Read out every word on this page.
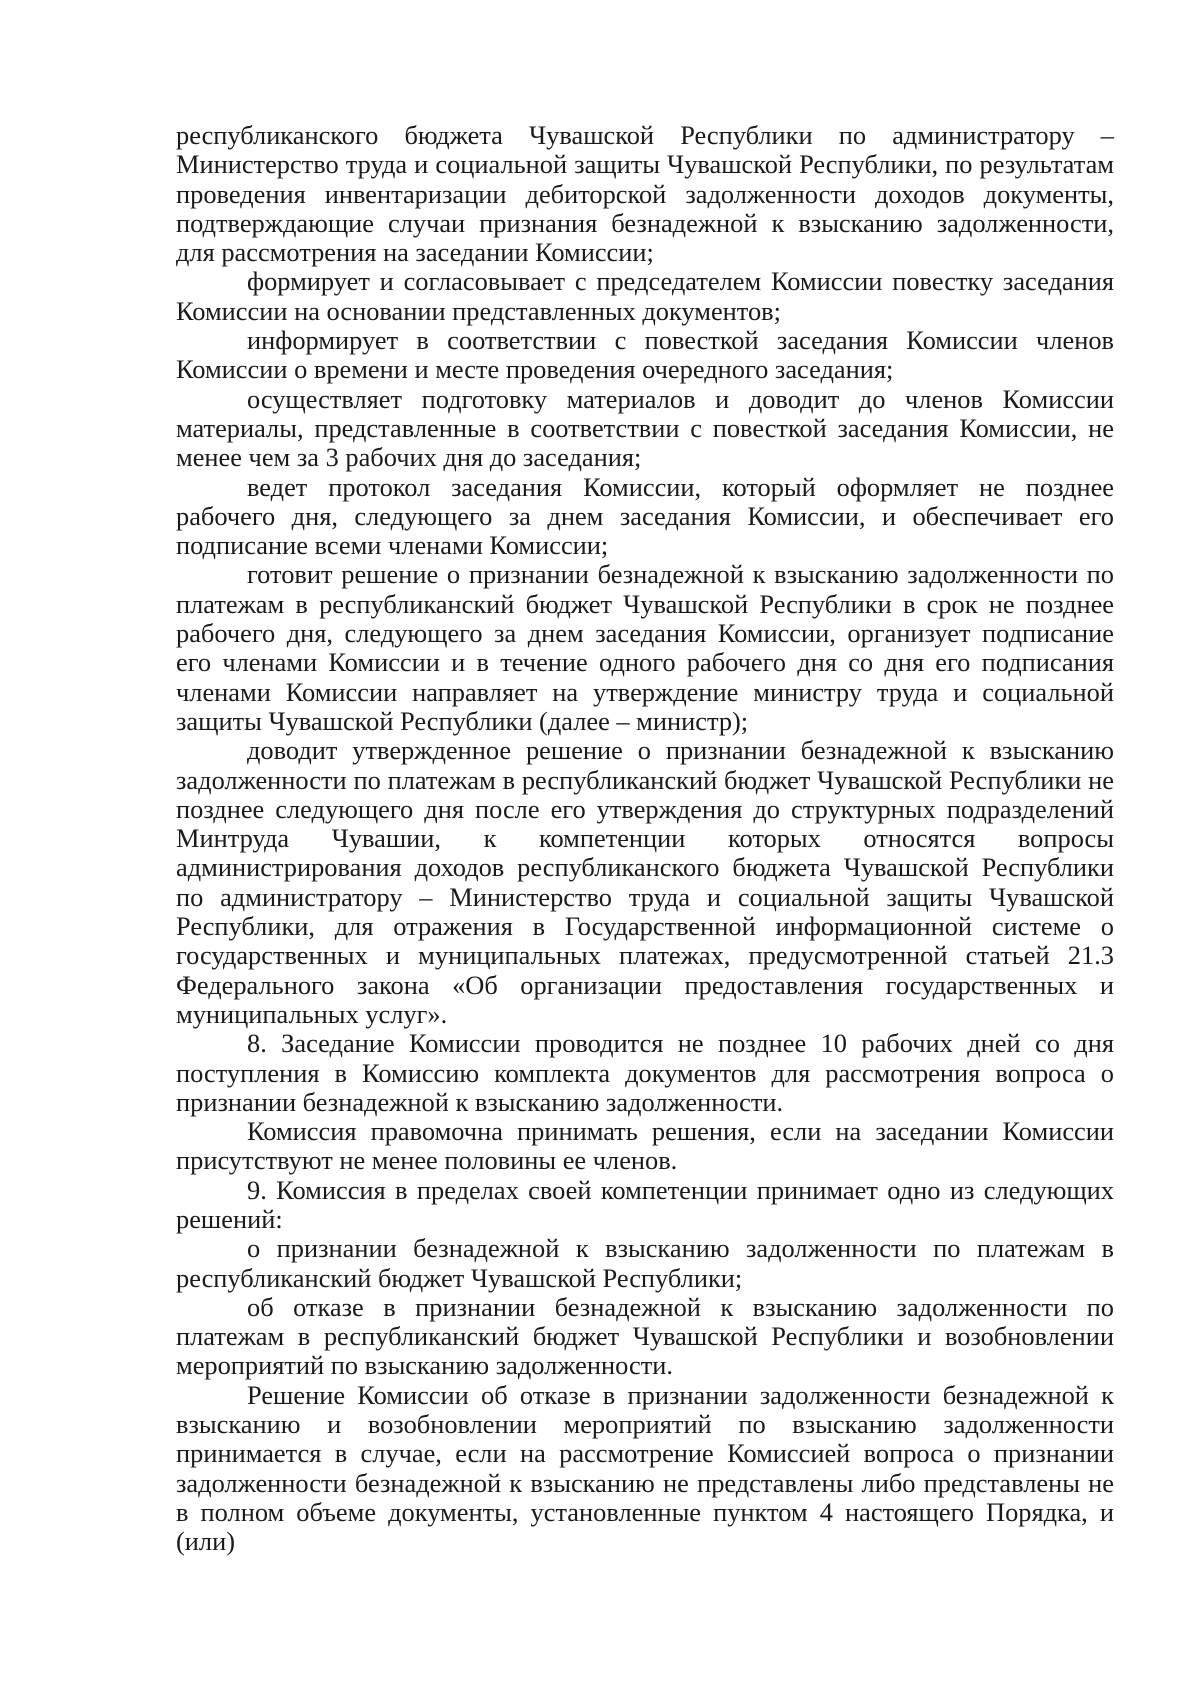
республиканского бюджета Чувашской Республики по администратору – Министерство труда и социальной защиты Чувашской Республики, по результатам проведения инвентаризации дебиторской задолженности доходов документы, подтверждающие случаи признания безнадежной к взысканию задолженности, для рассмотрения на заседании Комиссии;

формирует и согласовывает с председателем Комиссии повестку заседания Комиссии на основании представленных документов;

информирует в соответствии с повесткой заседания Комиссии членов Комиссии о времени и месте проведения очередного заседания;

осуществляет подготовку материалов и доводит до членов Комиссии материалы, представленные в соответствии с повесткой заседания Комиссии, не менее чем за 3 рабочих дня до заседания;

ведет протокол заседания Комиссии, который оформляет не позднее рабочего дня, следующего за днем заседания Комиссии, и обеспечивает его подписание всеми членами Комиссии;

готовит решение о признании безнадежной к взысканию задолженности по платежам в республиканский бюджет Чувашской Республики в срок не позднее рабочего дня, следующего за днем заседания Комиссии, организует подписание его членами Комиссии и в течение одного рабочего дня со дня его подписания членами Комиссии направляет на утверждение министру труда и социальной защиты Чувашской Республики (далее – министр);

доводит утвержденное решение о признании безнадежной к взысканию задолженности по платежам в республиканский бюджет Чувашской Республики не позднее следующего дня после его утверждения до структурных подразделений Минтруда Чувашии, к компетенции которых относятся вопросы администрирования доходов республиканского бюджета Чувашской Республики по администратору – Министерство труда и социальной защиты Чувашской Республики, для отражения в Государственной информационной системе о государственных и муниципальных платежах, предусмотренной статьей 21.3 Федерального закона «Об организации предоставления государственных и муниципальных услуг».

8. Заседание Комиссии проводится не позднее 10 рабочих дней со дня поступления в Комиссию комплекта документов для рассмотрения вопроса о признании безнадежной к взысканию задолженности.

Комиссия правомочна принимать решения, если на заседании Комиссии присутствуют не менее половины ее членов.

9. Комиссия в пределах своей компетенции принимает одно из следующих решений:

о признании безнадежной к взысканию задолженности по платежам в республиканский бюджет Чувашской Республики;

об отказе в признании безнадежной к взысканию задолженности по платежам в республиканский бюджет Чувашской Республики и возобновлении мероприятий по взысканию задолженности.

Решение Комиссии об отказе в признании задолженности безнадежной к взысканию и возобновлении мероприятий по взысканию задолженности принимается в случае, если на рассмотрение Комиссией вопроса о признании задолженности безнадежной к взысканию не представлены либо представлены не в полном объеме документы, установленные пунктом 4 настоящего Порядка, и (или)
